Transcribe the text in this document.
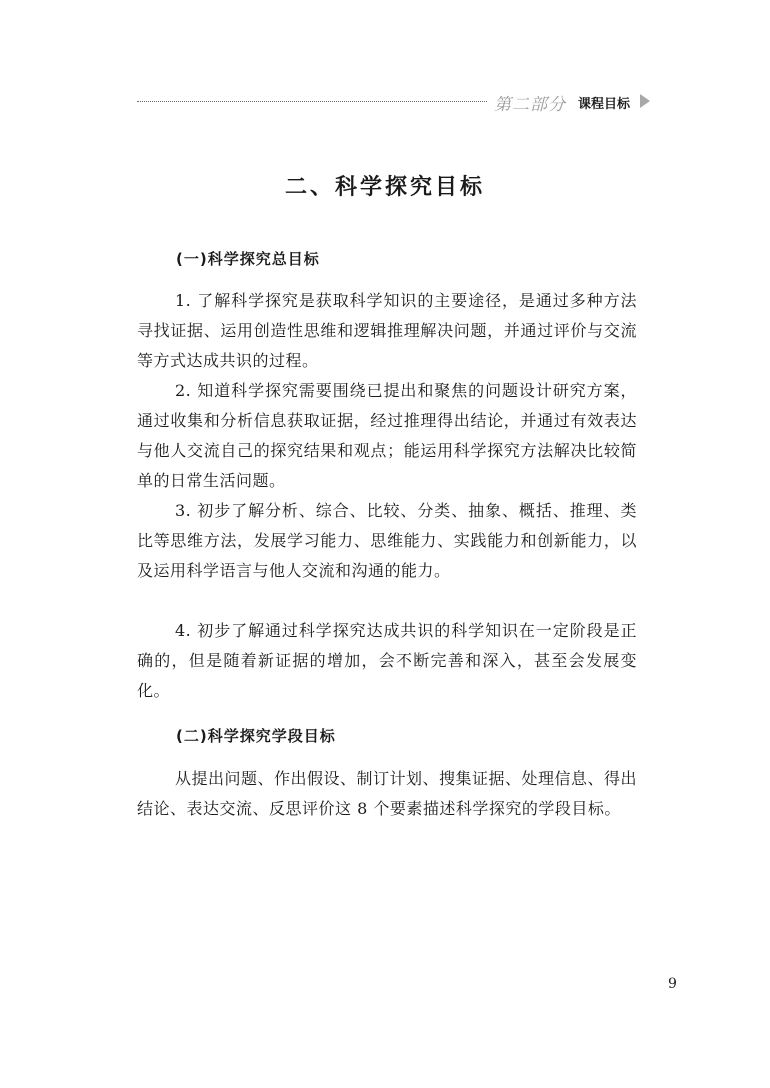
第二部分 课程目标
二、科学探究目标
(一)科学探究总目标

1. 了解科学探究是获取科学知识的主要途径，是通过多种方法寻找证据、运用创造性思维和逻辑推理解决问题，并通过评价与交流等方式达成共识的过程。

2. 知道科学探究需要围绕已提出和聚焦的问题设计研究方案，通过收集和分析信息获取证据，经过推理得出结论，并通过有效表达与他人交流自己的探究结果和观点；能运用科学探究方法解决比较简单的日常生活问题。

3. 初步了解分析、综合、比较、分类、抽象、概括、推理、类比等思维方法，发展学习能力、思维能力、实践能力和创新能力，以及运用科学语言与他人交流和沟通的能力。

4. 初步了解通过科学探究达成共识的科学知识在一定阶段是正确的，但是随着新证据的增加，会不断完善和深入，甚至会发展变化。

(二)科学探究学段目标

从提出问题、作出假设、制订计划、搜集证据、处理信息、得出结论、表达交流、反思评价这 8 个要素描述科学探究的学段目标。

9
